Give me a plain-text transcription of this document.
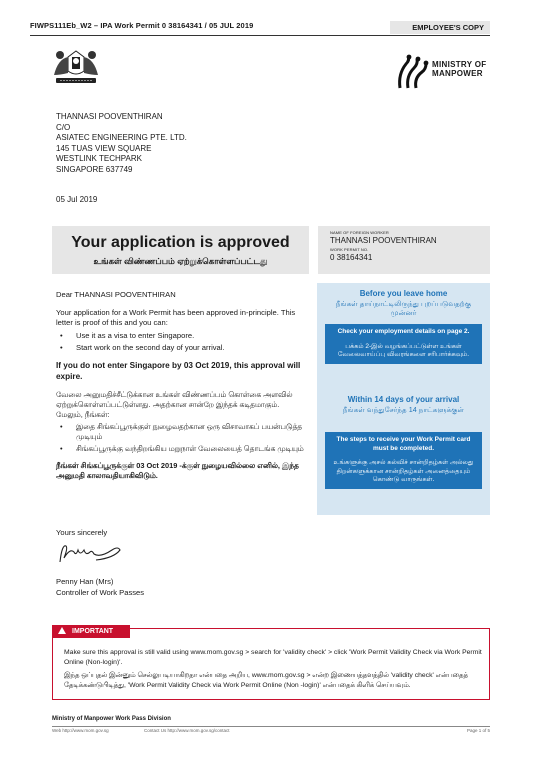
FIWPS111Eb_W2 – IPA Work Permit 0 38164341 / 05 JUL 2019	EMPLOYEE'S COPY
MINISTRY OF
MANPOWER
THANNASI POOVENTHIRAN
C/O
ASIATEC ENGINEERING PTE. LTD.
145 TUAS VIEW SQUARE
WESTLINK TECHPARK
SINGAPORE 637749
05 Jul 2019
Your application is approved
உங்கள் விண்ணப்பம் ஏற்றுக்கொள்ளப்பட்டது
NAME OF FOREIGN WORKER
THANNASI POOVENTHIRAN
WORK PERMIT NO.
0 38164341

Dear THANNASI POOVENTHIRAN

Your application for a Work Permit has been approved in-principle. This letter is proof of this and you can:

• Use it as a visa to enter Singapore.
• Start work on the second day of your arrival.

If you do not enter Singapore by 03 Oct 2019, this approval will expire.

வேலை அனுமதிச்சீட்டுக்கான உங்கள் விண்ணப்பம் கொள்கை அளவில் ஏற்றுக்கொள்ளப்பட்டுள்ளது. அதற்கான சான்றே இந்தக் கடிதமாகும். மேலும், நீங்கள்:

• இதை சிங்கப்பூருக்குள் நுழைவதற்கான ஒரு விசாவாகப் பயன்படுத்த முடியும்
• சிங்கப்பூருக்கு வந்திறங்கிய மறுநாள் வேலையைத் தொடங்க முடியும்

நீங்கள் சிங்கப்பூருக்குள் 03 Oct 2019 -க்குள் நுழையவில்லை எனில், இந்த அனுமதி காலாவதியாகிவிடும்.

Yours sincerely
Penny Han (Mrs)
Controller of Work Passes
Before you leave home
நீங்கள் தாய்நாட்டிலிருந்து புறப்படுவதற்கு முன்னர்
Check your employment details on page 2.
பக்கம் 2-இல் வழங்கப்பட்டுள்ள உங்கள் வேலைவாய்ப்பு விவரங்களை சரிபார்க்கவும்.
Within 14 days of your arrival
நீங்கள் வந்துசேர்ந்த 14 நாட்களுக்குள்
The steps to receive your Work Permit card must be completed.
உங்களுக்கு அசல் கல்விச் சான்றிதழ்கள் அல்லது திறன்களுக்கான சான்றிதழ்கள் அனைத்தையும் கொண்டு வாருங்கள்.
IMPORTANT

Make sure this approval is still valid using www.mom.gov.sg > search for 'validity check' > click 'Work Permit Validity Check via Work Permit Online (Non-login)'.

இந்த ஒப்புதல் இன்னும் செல்லுபடியாகிறதா என்பதை அறிய, www.mom.gov.sg > என்ற இணையத்தளத்தில் 'validity check' என்பதைத் தேடிக்கண்டுபிடித்து, 'Work Permit Validity Check via Work Permit Online (Non -login)' என்பதைக் கிளிக் செய்யவும்.

Ministry of Manpower Work Pass Division
Web http://www.mom.gov.sg	Contact Us http://www.mom.gov.sg/contact	Page 1 of 5
